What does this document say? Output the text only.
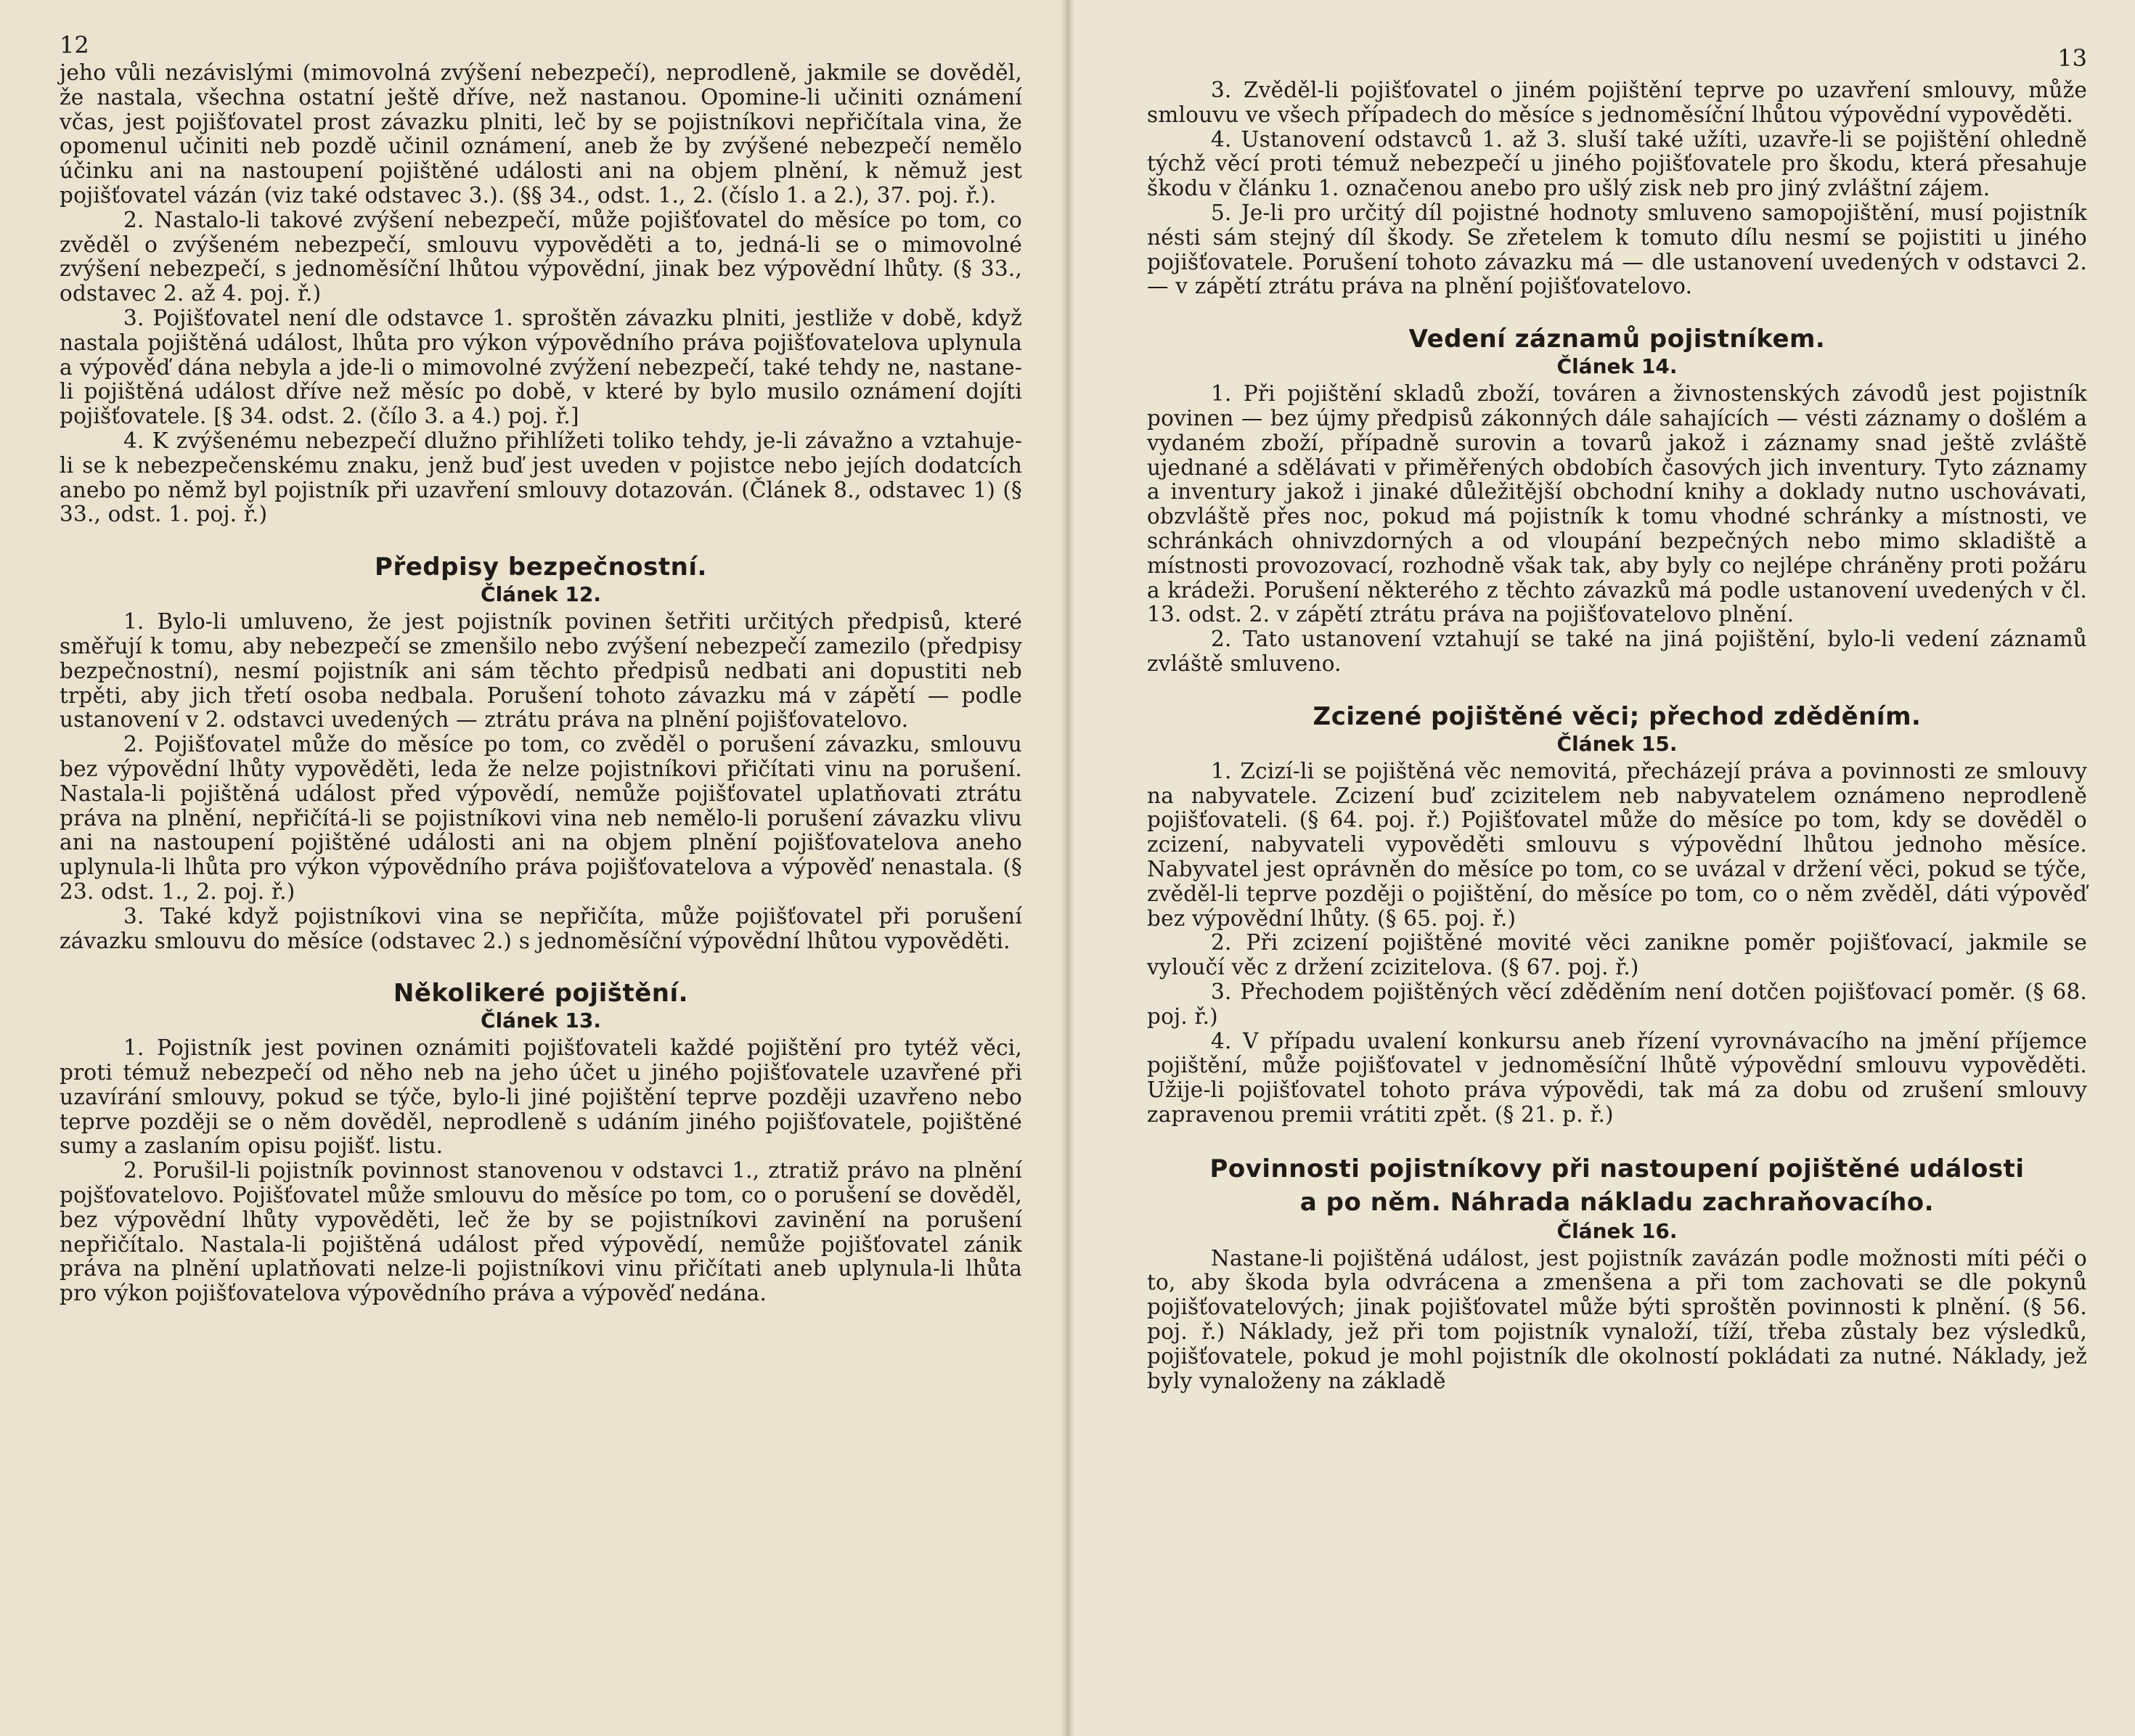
12

jeho vůli nezávislými (mimovolná zvýšení nebezpečí), neprodleně, jakmile se dověděl, že nastala, všechna ostatní ještě dříve, než nastanou. Opomine-li učiniti oznámení včas, jest pojišťovatel prost závazku plniti, leč by se pojistníkovi nepřičítala vina, že opomenul učiniti neb pozdě učinil oznámení, aneb že by zvýšené nebezpečí nemělo účinku ani na nastoupení pojištěné události ani na objem plnění, k němuž jest pojišťovatel vázán (viz také odstavec 3.). (§§ 34., odst. 1., 2. (číslo 1. a 2.), 37. poj. ř.).

2. Nastalo-li takové zvýšení nebezpečí, může pojišťovatel do měsíce po tom, co zvěděl o zvýšeném nebezpečí, smlouvu vypověděti a to, jedná-li se o mimovolné zvýšení nebezpečí, s jednoměsíční lhůtou výpovědní, jinak bez výpovědní lhůty. (§ 33., odstavec 2. až 4. poj. ř.)

3. Pojišťovatel není dle odstavce 1. sproštěn závazku plniti, jestliže v době, když nastala pojištěná událost, lhůta pro výkon výpovědního práva pojišťovatelova uplynula a výpověď dána nebyla a jde-li o mimovolné zvýžení nebezpečí, také tehdy ne, nastane-li pojištěná událost dříve než měsíc po době, v které by bylo musilo oznámení dojíti pojišťovatele. [§ 34. odst. 2. (čílo 3. a 4.) poj. ř.]

4. K zvýšenému nebezpečí dlužno přihlížeti toliko tehdy, je-li závažno a vztahuje-li se k nebezpečenskému znaku, jenž buď jest uveden v pojistce nebo jejích dodatcích anebo po němž byl pojistník při uzavření smlouvy dotazován. (Článek 8., odstavec 1) (§ 33., odst. 1. poj. ř.)

Předpisy bezpečnostní.
Článek 12.

1. Bylo-li umluveno, že jest pojistník povinen šetřiti určitých předpisů, které směřují k tomu, aby nebezpečí se zmenšilo nebo zvýšení nebezpečí zamezilo (předpisy bezpečnostní), nesmí pojistník ani sám těchto předpisů nedbati ani dopustiti neb trpěti, aby jich třetí osoba nedbala. Porušení tohoto závazku má v zápětí — podle ustanovení v 2. odstavci uvedených — ztrátu práva na plnění pojišťovatelovo.

2. Pojišťovatel může do měsíce po tom, co zvěděl o porušení závazku, smlouvu bez výpovědní lhůty vypověděti, leda že nelze pojistníkovi přičítati vinu na porušení. Nastala-li pojištěná událost před výpovědí, nemůže pojišťovatel uplatňovati ztrátu práva na plnění, nepřičítá-li se pojistníkovi vina neb nemělo-li porušení závazku vlivu ani na nastoupení pojištěné události ani na objem plnění pojišťovatelova aneho uplynula-li lhůta pro výkon výpovědního práva pojišťovatelova a výpověď nenastala. (§ 23. odst. 1., 2. poj. ř.)

3. Také když pojistníkovi vina se nepřičíta, může pojišťovatel při porušení závazku smlouvu do měsíce (odstavec 2.) s jednoměsíční výpovědní lhůtou vypověděti.

Několikeré pojištění.
Článek 13.

1. Pojistník jest povinen oznámiti pojišťovateli každé pojištění pro tytéž věci, proti témuž nebezpečí od něho neb na jeho účet u jiného pojišťovatele uzavřené při uzavírání smlouvy, pokud se týče, bylo-li jiné pojištění teprve později uzavřeno nebo teprve později se o něm dověděl, neprodleně s udáním jiného pojišťovatele, pojištěné sumy a zaslaním opisu pojišť. listu.

2. Porušil-li pojistník povinnost stanovenou v odstavci 1., ztratiž právo na plnění pojšťovatelovo. Pojišťovatel může smlouvu do měsíce po tom, co o porušení se dověděl, bez výpovědní lhůty vypověděti, leč že by se pojistníkovi zavinění na porušení nepřičítalo. Nastala-li pojištěná událost před výpovědí, nemůže pojišťovatel zánik práva na plnění uplatňovati nelze-li pojistníkovi vinu přičítati aneb uplynula-li lhůta pro výkon pojišťovatelova výpovědního práva a výpověď nedána.

13

3. Zvěděl-li pojišťovatel o jiném pojištění teprve po uzavření smlouvy, může smlouvu ve všech případech do měsíce s jednoměsíční lhůtou výpovědní vypověděti.

4. Ustanovení odstavců 1. až 3. sluší také užíti, uzavře-li se pojištění ohledně týchž věcí proti témuž nebezpečí u jiného pojišťovatele pro škodu, která přesahuje škodu v článku 1. označenou anebo pro ušlý zisk neb pro jiný zvláštní zájem.

5. Je-li pro určitý díl pojistné hodnoty smluveno samopojištění, musí pojistník nésti sám stejný díl škody. Se zřetelem k tomuto dílu nesmí se pojistiti u jiného pojišťovatele. Porušení tohoto závazku má — dle ustanovení uvedených v odstavci 2. — v zápětí ztrátu práva na plnění pojišťovatelovo.

Vedení záznamů pojistníkem.
Článek 14.

1. Při pojištění skladů zboží, továren a živnostenských závodů jest pojistník povinen — bez újmy předpisů zákonných dále sahajících — vésti záznamy o došlém a vydaném zboží, případně surovin a tovarů jakož i záznamy snad ještě zvláště ujednané a sdělávati v přiměřených obdobích časových jich inventury. Tyto záznamy a inventury jakož i jinaké důležitější obchodní knihy a doklady nutno uschovávati, obzvláště přes noc, pokud má pojistník k tomu vhodné schránky a místnosti, ve schránkách ohnivzdorných a od vloupání bezpečných nebo mimo skladiště a místnosti provozovací, rozhodně však tak, aby byly co nejlépe chráněny proti požáru a krádeži. Porušení některého z těchto závazků má podle ustanovení uvedených v čl. 13. odst. 2. v zápětí ztrátu práva na pojišťovatelovo plnění.

2. Tato ustanovení vztahují se také na jiná pojištění, bylo-li vedení záznamů zvláště smluveno.

Zcizené pojištěné věci; přechod zděděním.
Článek 15.

1. Zcizí-li se pojištěná věc nemovitá, přecházejí práva a povinnosti ze smlouvy na nabyvatele. Zcizení buď zcizitelem neb nabyvatelem oznámeno neprodleně pojišťovateli. (§ 64. poj. ř.) Pojišťovatel může do měsíce po tom, kdy se dověděl o zcizení, nabyvateli vypověděti smlouvu s výpovědní lhůtou jednoho měsíce. Nabyvatel jest oprávněn do měsíce po tom, co se uvázal v držení věci, pokud se týče, zvěděl-li teprve později o pojištění, do měsíce po tom, co o něm zvěděl, dáti výpověď bez výpovědní lhůty. (§ 65. poj. ř.)

2. Při zcizení pojištěné movité věci zanikne poměr pojišťovací, jakmile se vyloučí věc z držení zcizitelova. (§ 67. poj. ř.)

3. Přechodem pojištěných věcí zděděním není dotčen pojišťovací poměr. (§ 68. poj. ř.)

4. V případu uvalení konkursu aneb řízení vyrovnávacího na jmění příjemce pojištění, může pojišťovatel v jednoměsíční lhůtě výpovědní smlouvu vypověděti. Užije-li pojišťovatel tohoto práva výpovědi, tak má za dobu od zrušení smlouvy zapravenou premii vrátiti zpět. (§ 21. p. ř.)

Povinnosti pojistníkovy při nastoupení pojištěné události
a po něm. Náhrada nákladu zachraňovacího.
Článek 16.

Nastane-li pojištěná událost, jest pojistník zavázán podle možnosti míti péči o to, aby škoda byla odvrácena a zmenšena a při tom zachovati se dle pokynů pojišťovatelových; jinak pojišťovatel může býti sproštěn povinnosti k plnění. (§ 56. poj. ř.) Náklady, jež při tom pojistník vynaloží, tíží, třeba zůstaly bez výsledků, pojišťovatele, pokud je mohl pojistník dle okolností pokládati za nutné. Náklady, jež byly vynaloženy na základě
